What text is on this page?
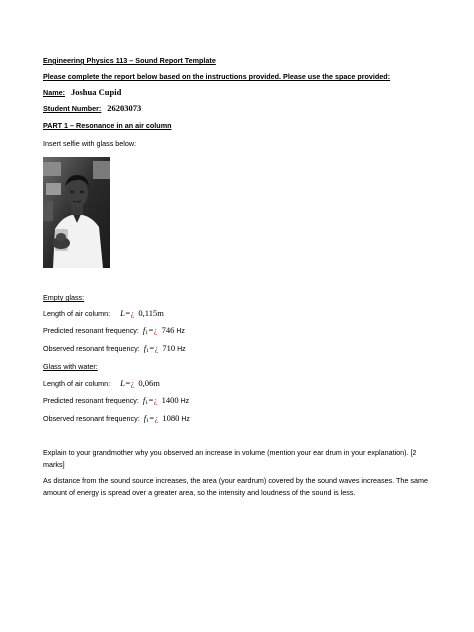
Engineering Physics 113 – Sound Report Template
Please complete the report below based on the instructions provided. Please use the space provided:
Name: Joshua Cupid
Student Number: 26203073
PART 1 – Resonance in an air column
Insert selfie with glass below:
Empty glass:
Length of air column: L=¿ 0,115m
Predicted resonant frequency: f1=¿ 746 Hz
Observed resonant frequency: f1=¿ 710 Hz
Glass with water:
Length of air column: L=¿ 0,06m
Predicted resonant frequency: f1=¿ 1400 Hz
Observed resonant frequency: f1=¿ 1080 Hz
Explain to your grandmother why you observed an increase in volume (mention your ear drum in your explanation). [2 marks]
As distance from the sound source increases, the area (your eardrum) covered by the sound waves increases. The same amount of energy is spread over a greater area, so the intensity and loudness of the sound is less.
